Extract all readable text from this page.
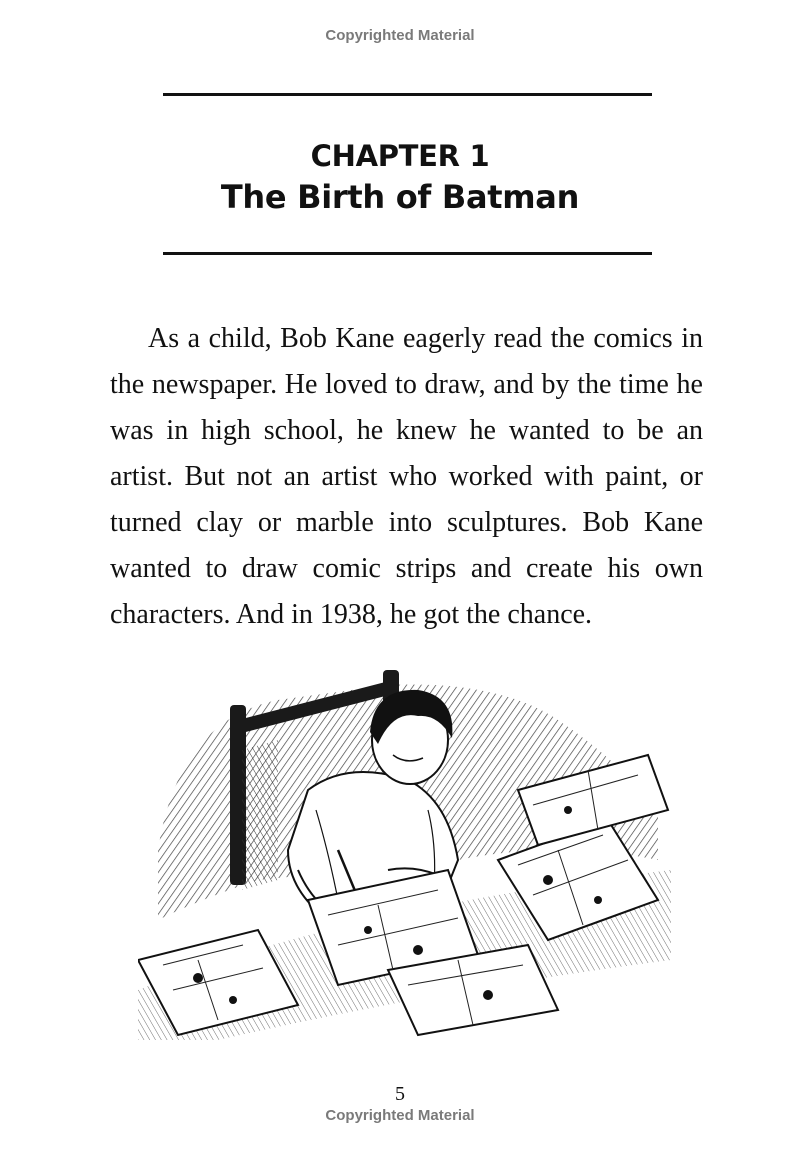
Copyrighted Material
CHAPTER 1
The Birth of Batman

As a child, Bob Kane eagerly read the comics in the newspaper. He loved to draw, and by the time he was in high school, he knew he wanted to be an artist. But not an artist who worked with paint, or turned clay or marble into sculptures. Bob Kane wanted to draw comic strips and create his own characters. And in 1938, he got the chance.

5
Copyrighted Material
